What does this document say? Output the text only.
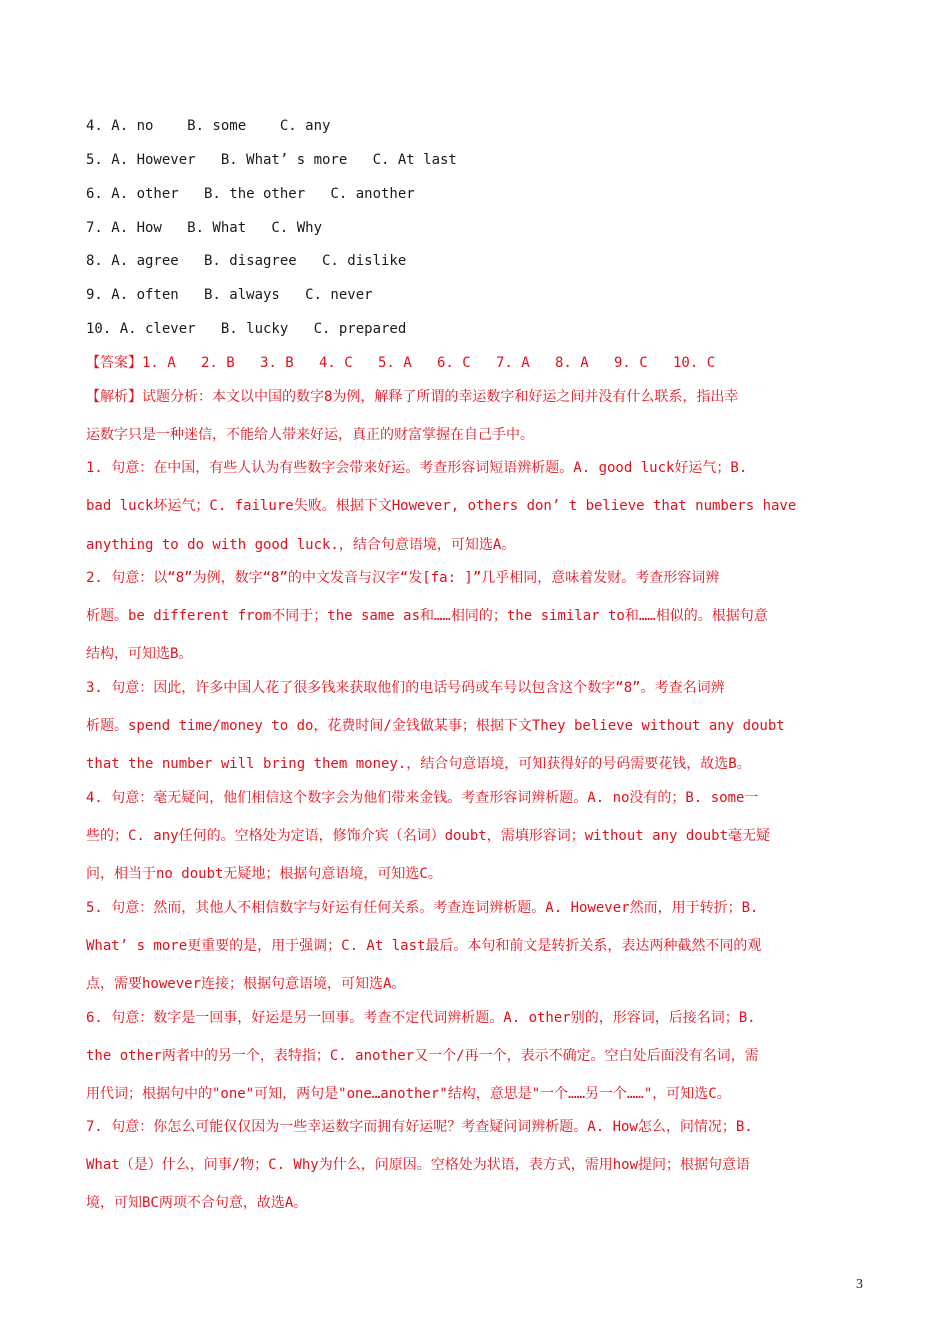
4. A. no    B. some    C. any
5. A. However   B. What’ s more   C. At last
6. A. other   B. the other   C. another
7. A. How   B. What   C. Why
8. A. agree   B. disagree   C. dislike
9. A. often   B. always   C. never
10. A. clever   B. lucky   C. prepared
【答案】1. A   2. B   3. B   4. C   5. A   6. C   7. A   8. A   9. C   10. C
【解析】试题分析：本文以中国的数字8为例，解释了所谓的幸运数字和好运之间并没有什么联系，指出幸
运数字只是一种迷信，不能给人带来好运，真正的财富掌握在自己手中。
1. 句意：在中国，有些人认为有些数字会带来好运。考查形容词短语辨析题。A. good luck好运气；B.
bad luck坏运气；C. failure失败。根据下文However, others don’ t believe that numbers have
anything to do with good luck.，结合句意语境，可知选A。
2. 句意：以“8”为例，数字“8”的中文发音与汉字“发[fa: ]”几乎相同，意味着发财。考查形容词辨
析题。be different from不同于；the same as和……相同的；the similar to和……相似的。根据句意
结构，可知选B。
3. 句意：因此，许多中国人花了很多钱来获取他们的电话号码或车号以包含这个数字“8”。考查名词辨
析题。spend time/money to do，花费时间/金钱做某事；根据下文They believe without any doubt
that the number will bring them money.，结合句意语境，可知获得好的号码需要花钱，故选B。
4. 句意：毫无疑问，他们相信这个数字会为他们带来金钱。考查形容词辨析题。A. no没有的；B. some一
些的；C. any任何的。空格处为定语，修饰介宾（名词）doubt，需填形容词；without any doubt毫无疑
问，相当于no doubt无疑地；根据句意语境，可知选C。
5. 句意：然而，其他人不相信数字与好运有任何关系。考查连词辨析题。A. However然而，用于转折；B.
What’ s more更重要的是，用于强调；C. At last最后。本句和前文是转折关系，表达两种截然不同的观
点，需要however连接；根据句意语境，可知选A。
6. 句意：数字是一回事，好运是另一回事。考查不定代词辨析题。A. other别的，形容词，后接名词；B.
the other两者中的另一个，表特指；C. another又一个/再一个，表示不确定。空白处后面没有名词，需
用代词；根据句中的"one"可知，两句是"one…another"结构，意思是"一个……另一个……"，可知选C。
7. 句意：你怎么可能仅仅因为一些幸运数字而拥有好运呢？考查疑问词辨析题。A. How怎么，问情况；B.
What（是）什么，问事/物；C. Why为什么，问原因。空格处为状语，表方式，需用how提问；根据句意语
境，可知BC两项不合句意，故选A。
3
